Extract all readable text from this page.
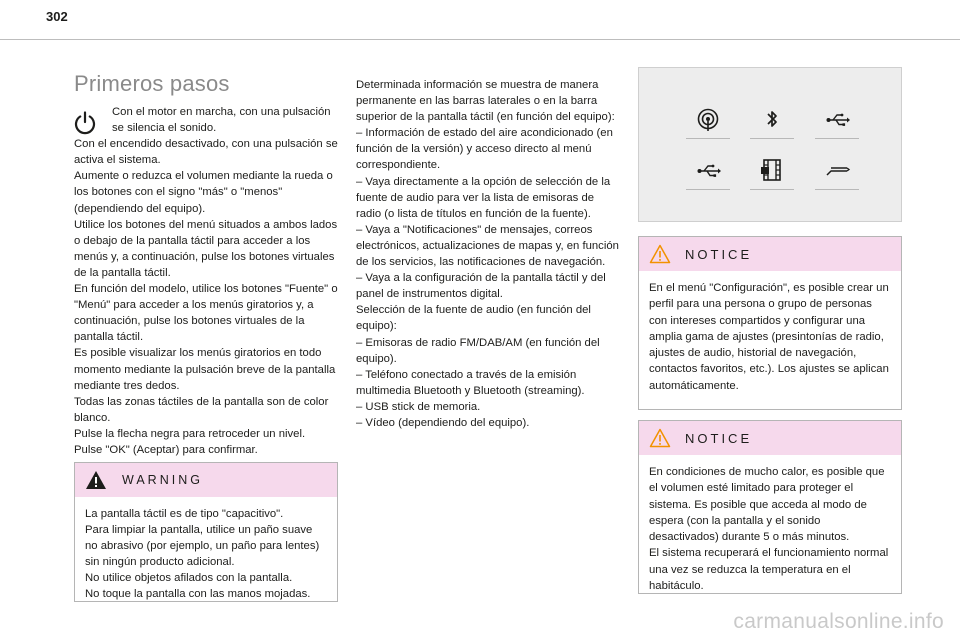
302
Primeros pasos
Con el motor en marcha, con una pulsación se silencia el sonido.
Con el encendido desactivado, con una pulsación se activa el sistema.
Aumente o reduzca el volumen mediante la rueda o los botones con el signo "más" o "menos" (dependiendo del equipo).
Utilice los botones del menú situados a ambos lados o debajo de la pantalla táctil para acceder a los menús y, a continuación, pulse los botones virtuales de la pantalla táctil.
En función del modelo, utilice los botones "Fuente" o "Menú" para acceder a los menús giratorios y, a continuación, pulse los botones virtuales de la pantalla táctil.
Es posible visualizar los menús giratorios en todo momento mediante la pulsación breve de la pantalla mediante tres dedos.
Todas las zonas táctiles de la pantalla son de color blanco.
Pulse la flecha negra para retroceder un nivel.
Pulse "OK" (Aceptar) para confirmar.
WARNING
La pantalla táctil es de tipo "capacitivo".
Para limpiar la pantalla, utilice un paño suave no abrasivo (por ejemplo, un paño para lentes) sin ningún producto adicional.
No utilice objetos afilados con la pantalla.
No toque la pantalla con las manos mojadas.
Determinada información se muestra de manera permanente en las barras laterales o en la barra superior de la pantalla táctil (en función del equipo):
– Información de estado del aire acondicionado (en función de la versión) y acceso directo al menú correspondiente.
– Vaya directamente a la opción de selección de la fuente de audio para ver la lista de emisoras de radio (o lista de títulos en función de la fuente).
– Vaya a "Notificaciones" de mensajes, correos electrónicos, actualizaciones de mapas y, en función de los servicios, las notificaciones de navegación.
– Vaya a la configuración de la pantalla táctil y del panel de instrumentos digital.
Selección de la fuente de audio (en función del equipo):
– Emisoras de radio FM/DAB/AM (en función del equipo).
– Teléfono conectado a través de la emisión multimedia Bluetooth y Bluetooth (streaming).
– USB stick de memoria.
– Vídeo (dependiendo del equipo).
NOTICE
En el menú "Configuración", es posible crear un perfil para una persona o grupo de personas con intereses compartidos y configurar una amplia gama de ajustes (presintonías de radio, ajustes de audio, historial de navegación, contactos favoritos, etc.). Los ajustes se aplican automáticamente.
NOTICE
En condiciones de mucho calor, es posible que el volumen esté limitado para proteger el sistema. Es posible que acceda al modo de espera (con la pantalla y el sonido desactivados) durante 5 o más minutos.
El sistema recuperará el funcionamiento normal una vez se reduzca la temperatura en el habitáculo.
carmanualsonline.info
